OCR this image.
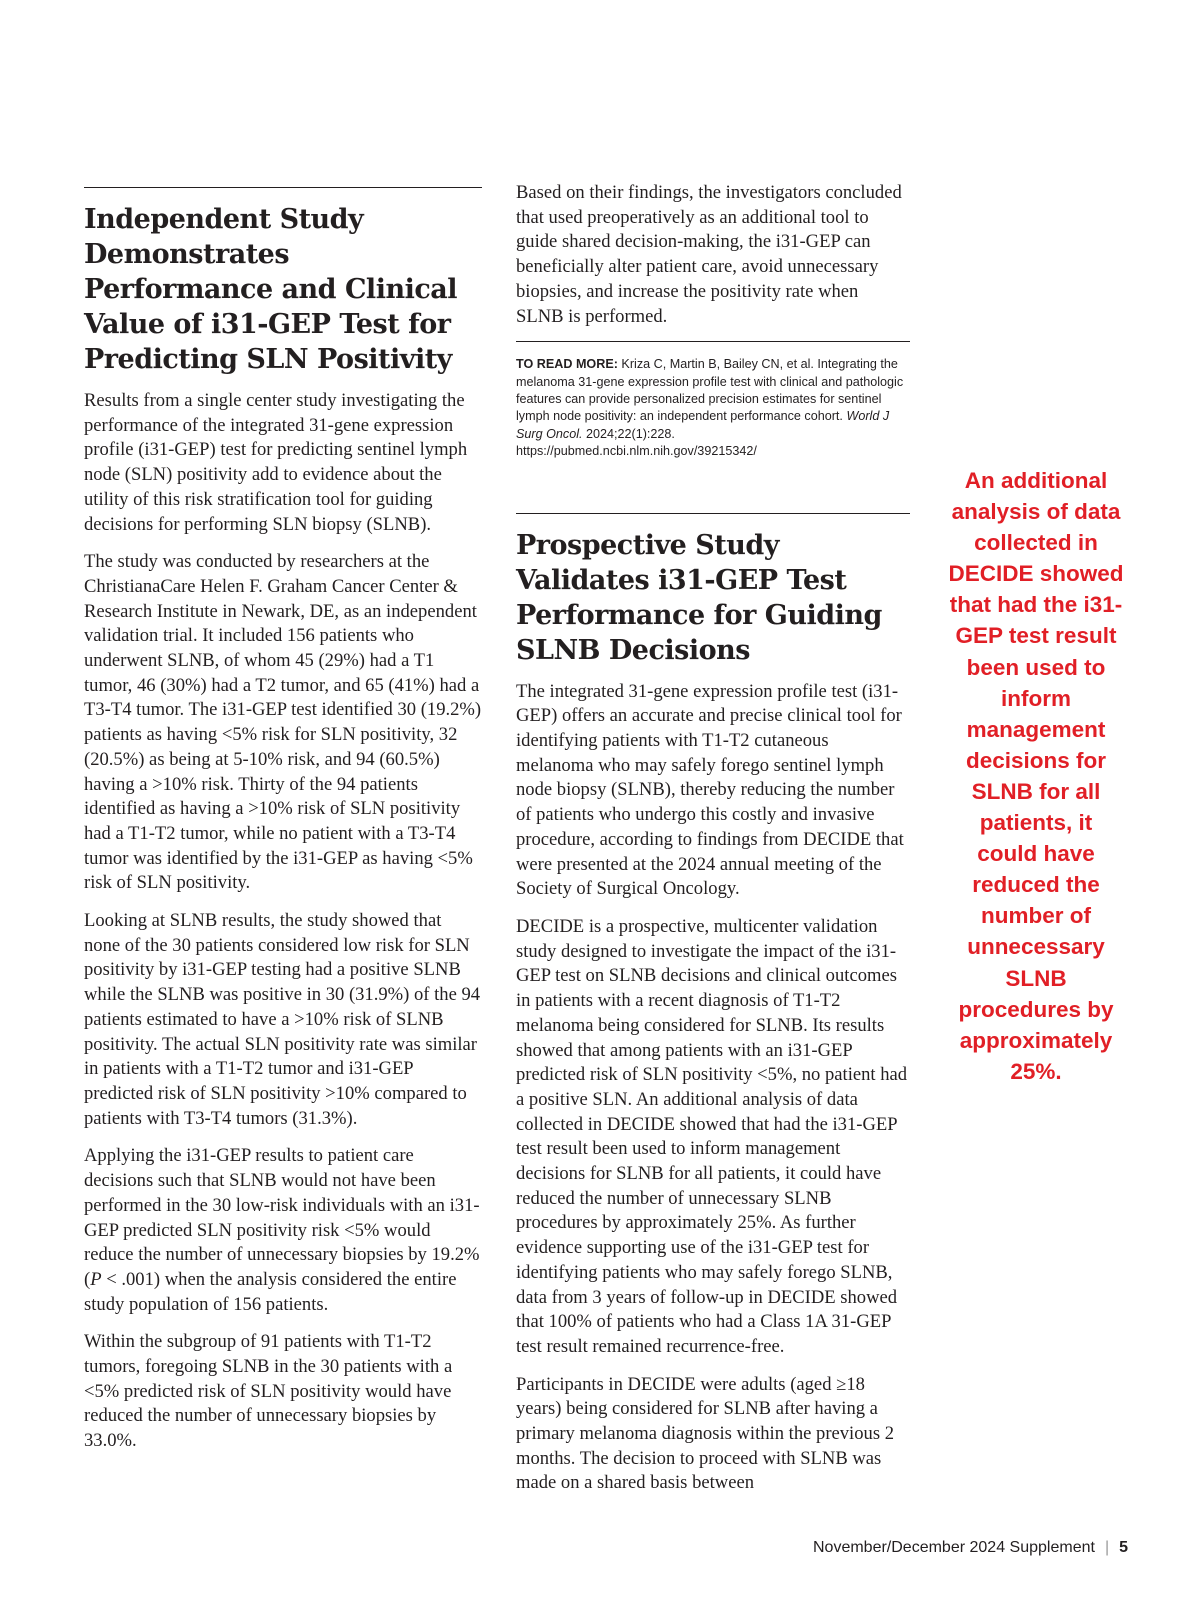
Independent Study Demonstrates Performance and Clinical Value of i31-GEP Test for Predicting SLN Positivity

Results from a single center study investigating the performance of the integrated 31-gene expression profile (i31-GEP) test for predicting sentinel lymph node (SLN) positivity add to evidence about the utility of this risk stratification tool for guiding decisions for performing SLN biopsy (SLNB).

The study was conducted by researchers at the ChristianaCare Helen F. Graham Cancer Center & Research Institute in Newark, DE, as an independent validation trial. It included 156 patients who underwent SLNB, of whom 45 (29%) had a T1 tumor, 46 (30%) had a T2 tumor, and 65 (41%) had a T3-T4 tumor. The i31-GEP test identified 30 (19.2%) patients as having <5% risk for SLN positivity, 32 (20.5%) as being at 5-10% risk, and 94 (60.5%) having a >10% risk. Thirty of the 94 patients identified as having a >10% risk of SLN positivity had a T1-T2 tumor, while no patient with a T3-T4 tumor was identified by the i31-GEP as having <5% risk of SLN positivity.

Looking at SLNB results, the study showed that none of the 30 patients considered low risk for SLN positivity by i31-GEP testing had a positive SLNB while the SLNB was positive in 30 (31.9%) of the 94 patients estimated to have a >10% risk of SLNB positivity. The actual SLN positivity rate was similar in patients with a T1-T2 tumor and i31-GEP predicted risk of SLN positivity >10% compared to patients with T3-T4 tumors (31.3%).

Applying the i31-GEP results to patient care decisions such that SLNB would not have been performed in the 30 low-risk individuals with an i31-GEP predicted SLN positivity risk <5% would reduce the number of unnecessary biopsies by 19.2% (P < .001) when the analysis considered the entire study population of 156 patients.

Within the subgroup of 91 patients with T1-T2 tumors, foregoing SLNB in the 30 patients with a <5% predicted risk of SLN positivity would have reduced the number of unnecessary biopsies by 33.0%.

Based on their findings, the investigators concluded that used preoperatively as an additional tool to guide shared decision-making, the i31-GEP can beneficially alter patient care, avoid unnecessary biopsies, and increase the positivity rate when SLNB is performed.

TO READ MORE: Kriza C, Martin B, Bailey CN, et al. Integrating the melanoma 31-gene expression profile test with clinical and pathologic features can provide personalized precision estimates for sentinel lymph node positivity: an independent performance cohort. World J Surg Oncol. 2024;22(1):228. https://pubmed.ncbi.nlm.nih.gov/39215342/
Prospective Study Validates i31-GEP Test Performance for Guiding SLNB Decisions

The integrated 31-gene expression profile test (i31-GEP) offers an accurate and precise clinical tool for identifying patients with T1-T2 cutaneous melanoma who may safely forego sentinel lymph node biopsy (SLNB), thereby reducing the number of patients who undergo this costly and invasive procedure, according to findings from DECIDE that were presented at the 2024 annual meeting of the Society of Surgical Oncology.

DECIDE is a prospective, multicenter validation study designed to investigate the impact of the i31-GEP test on SLNB decisions and clinical outcomes in patients with a recent diagnosis of T1-T2 melanoma being considered for SLNB. Its results showed that among patients with an i31-GEP predicted risk of SLN positivity <5%, no patient had a positive SLN. An additional analysis of data collected in DECIDE showed that had the i31-GEP test result been used to inform management decisions for SLNB for all patients, it could have reduced the number of unnecessary SLNB procedures by approximately 25%. As further evidence supporting use of the i31-GEP test for identifying patients who may safely forego SLNB, data from 3 years of follow-up in DECIDE showed that 100% of patients who had a Class 1A 31-GEP test result remained recurrence-free.

Participants in DECIDE were adults (aged ≥18 years) being considered for SLNB after having a primary melanoma diagnosis within the previous 2 months. The decision to proceed with SLNB was made on a shared basis between

An additional analysis of data collected in DECIDE showed that had the i31-GEP test result been used to inform management decisions for SLNB for all patients, it could have reduced the number of unnecessary SLNB procedures by approximately 25%.
November/December 2024 Supplement | 5
